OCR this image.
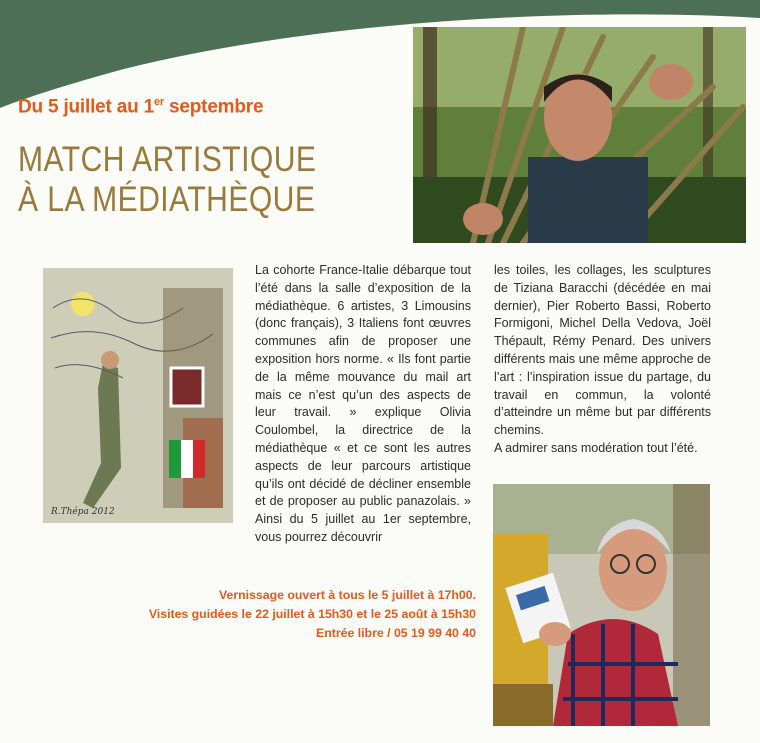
Du 5 juillet au 1er septembre
MATCH ARTISTIQUE
À LA MÉDIATHÈQUE
R.Thépa 2012
La cohorte France-Italie débarque tout l’été dans la salle d’exposition de la médiathèque. 6 artistes, 3 Limousins (donc français), 3 Italiens font œuvres communes afin de proposer une exposition hors norme. « Ils font partie de la même mouvance du mail art mais ce n’est qu’un des aspects de leur travail. » explique Olivia Coulombel, la directrice de la médiathèque « et ce sont les autres aspects de leur parcours artistique qu’ils ont décidé de décliner ensemble et de proposer au public panazolais. » Ainsi du 5 juillet au 1er septembre, vous pourrez découvrir

les toiles, les collages, les sculptures de Tiziana Baracchi (décédée en mai dernier), Pier Roberto Bassi, Roberto Formigoni, Michel Della Vedova, Joël Thépault, Rémy Penard. Des univers différents mais une même approche de l’art : l’inspiration issue du partage, du travail en commun, la volonté d’atteindre un même but par différents chemins.

A admirer sans modération tout l’été.

Vernissage ouvert à tous le 5 juillet à 17h00.
Visites guidées le 22 juillet à 15h30 et le 25 août à 15h30
Entrée libre / 05 19 99 40 40
